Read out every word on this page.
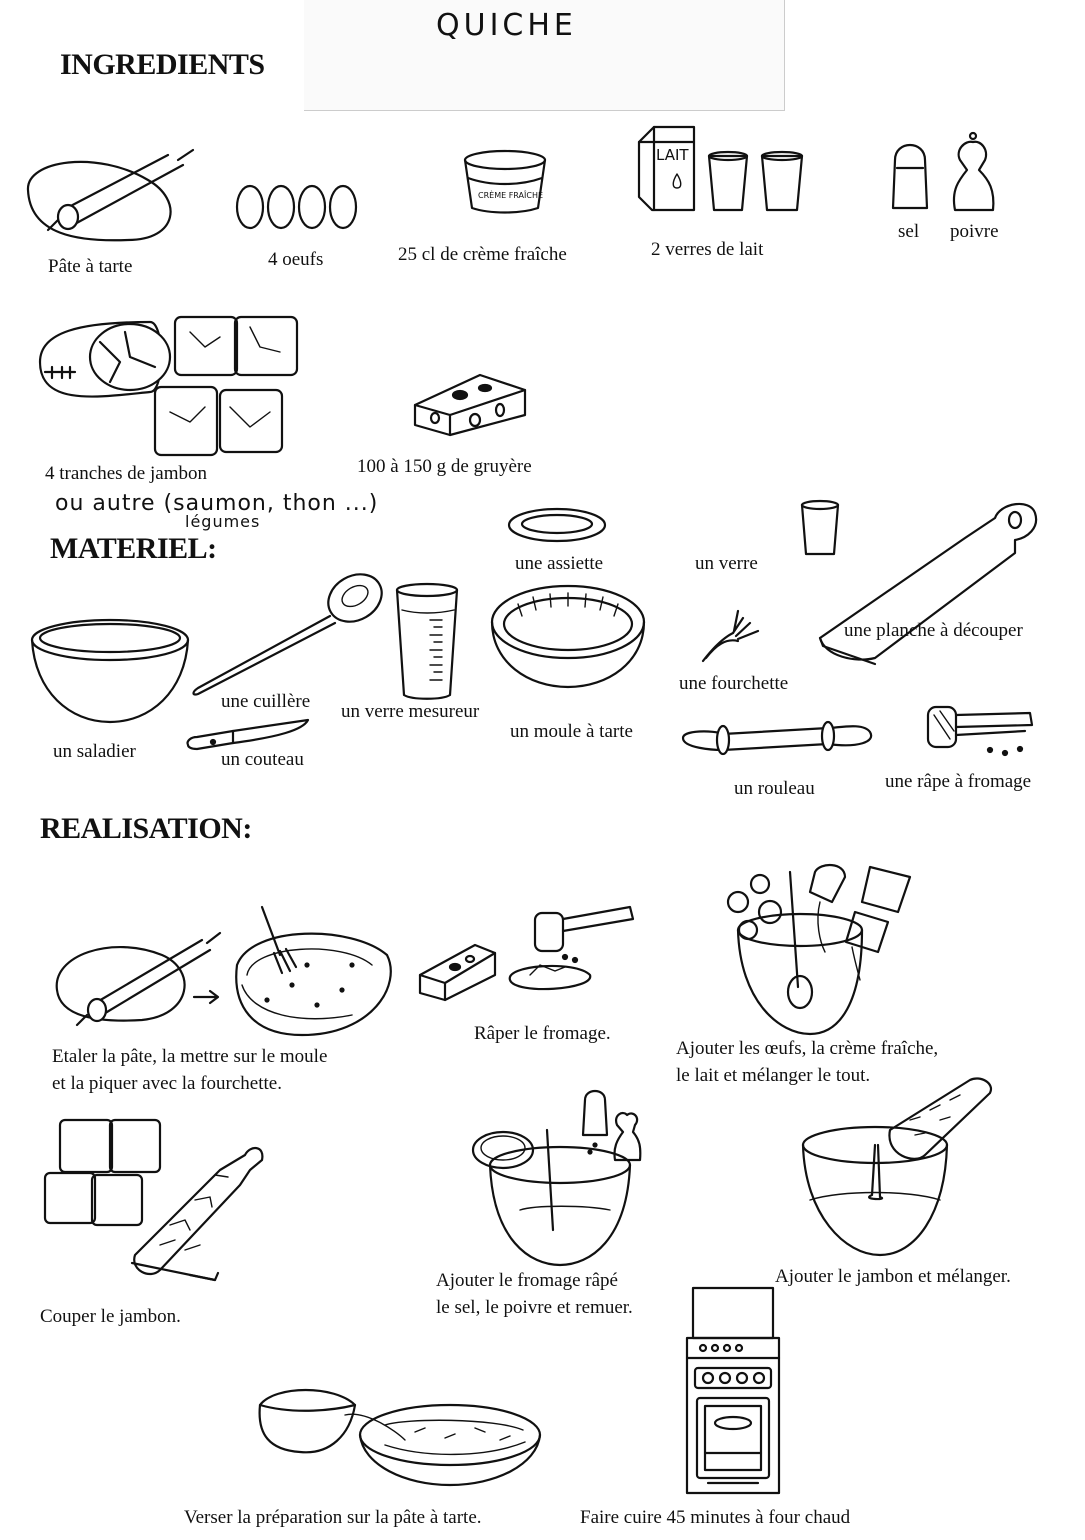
QUICHE
INGREDIENTS
MATERIEL:
REALISATION:
Pâte à tarte	4 oeufs
CRÈME FRAÎCHE
25 cl de crème fraîche
LAIT
2 verres de lait
sel poivre
4 tranches de jambon
ou autre (saumon, thon ...)
légumes
100 à 150 g de gruyère
une assiette	un verre
une planche à découper
une fourchette
un saladier
une cuillère
un couteau
un verre mesureur
un moule à tarte
un rouleau	une râpe à fromage
Etaler la pâte, la mettre sur le moule
et la piquer avec la fourchette.
Râper le fromage.
Ajouter les œufs, la crème fraîche,
le lait et mélanger le tout.
Couper le jambon.
Ajouter le fromage râpé
le sel, le poivre et remuer.
Ajouter le jambon et mélanger.
Verser la préparation sur la pâte à tarte.	Faire cuire 45 minutes à four chaud
